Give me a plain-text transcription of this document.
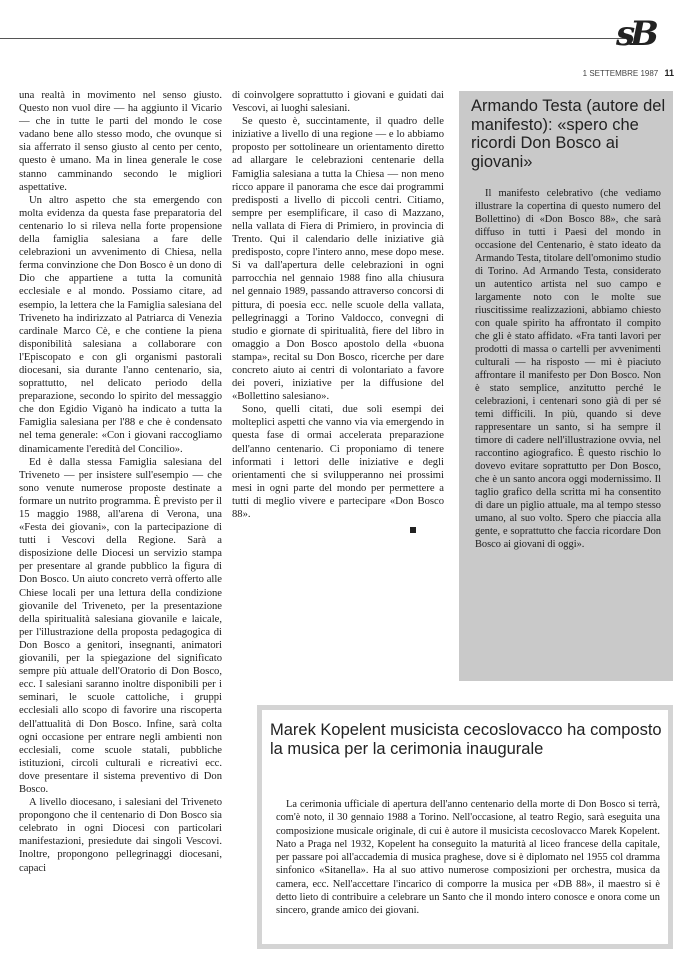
sB
1 SETTEMBRE 1987 11

una realtà in movimento nel senso giusto. Questo non vuol dire — ha aggiunto il Vicario — che in tutte le parti del mondo le cose vadano bene allo stesso modo, che ovunque si sia afferrato il senso giusto al cento per cento, questo è umano. Ma in linea generale le cose stanno camminando secondo le migliori aspettative.

Un altro aspetto che sta emergendo con molta evidenza da questa fase preparatoria del centenario lo si rileva nella forte propensione della famiglia salesiana a fare delle celebrazioni un avvenimento di Chiesa, nella ferma convinzione che Don Bosco è un dono di Dio che appartiene a tutta la comunità ecclesiale e al mondo. Possiamo citare, ad esempio, la lettera che la Famiglia salesiana del Triveneto ha indirizzato al Patriarca di Venezia cardinale Marco Cè, e che contiene la piena disponibilità salesiana a collaborare con l'Episcopato e con gli organismi pastorali diocesani, sia durante l'anno centenario, sia, soprattutto, nel delicato periodo della preparazione, secondo lo spirito del messaggio che don Egidio Viganò ha indicato a tutta la Famiglia salesiana per l'88 e che è condensato nel tema generale: «Con i giovani raccogliamo dinamicamente l'eredità del Concilio».

Ed è dalla stessa Famiglia salesiana del Triveneto — per insistere sull'esempio — che sono venute numerose proposte destinate a formare un nutrito programma. È previsto per il 15 maggio 1988, all'arena di Verona, una «Festa dei giovani», con la partecipazione di tutti i Vescovi della Regione. Sarà a disposizione delle Diocesi un servizio stampa per presentare al grande pubblico la figura di Don Bosco. Un aiuto concreto verrà offerto alle Chiese locali per una lettura della condizione giovanile del Triveneto, per la presentazione della spiritualità salesiana giovanile e laicale, per l'illustrazione della proposta pedagogica di Don Bosco a genitori, insegnanti, animatori giovanili, per la spiegazione del significato sempre più attuale dell'Oratorio di Don Bosco, ecc. I salesiani saranno inoltre disponibili per i seminari, le scuole cattoliche, i gruppi ecclesiali allo scopo di favorire una riscoperta dell'attualità di Don Bosco. Infine, sarà colta ogni occasione per entrare negli ambienti non ecclesiali, come scuole statali, pubbliche istituzioni, circoli culturali e ricreativi ecc. dove presentare il sistema preventivo di Don Bosco.

A livello diocesano, i salesiani del Triveneto propongono che il centenario di Don Bosco sia celebrato in ogni Diocesi con particolari manifestazioni, presiedute dai singoli Vescovi. Inoltre, propongono pellegrinaggi diocesani, capaci

di coinvolgere soprattutto i giovani e guidati dai Vescovi, ai luoghi salesiani.

Se questo è, succintamente, il quadro delle iniziative a livello di una regione — e lo abbiamo proposto per sottolineare un orientamento diretto ad allargare le celebrazioni centenarie della Famiglia salesiana a tutta la Chiesa — non meno ricco appare il panorama che esce dai programmi predisposti a livello di piccoli centri. Citiamo, sempre per esemplificare, il caso di Mazzano, nella vallata di Fiera di Primiero, in provincia di Trento. Qui il calendario delle iniziative già predisposto, copre l'intero anno, mese dopo mese. Si va dall'apertura delle celebrazioni in ogni parrocchia nel gennaio 1988 fino alla chiusura nel gennaio 1989, passando attraverso concorsi di pittura, di poesia ecc. nelle scuole della vallata, pellegrinaggi a Torino Valdocco, convegni di studio e giornate di spiritualità, fiere del libro in omaggio a Don Bosco apostolo della «buona stampa», recital su Don Bosco, ricerche per dare concreto aiuto ai centri di volontariato a favore dei poveri, iniziative per la diffusione del «Bollettino salesiano».

Sono, quelli citati, due soli esempi dei molteplici aspetti che vanno via via emergendo in questa fase di ormai accelerata preparazione dell'anno centenario. Ci proponiamo di tenere informati i lettori delle iniziative e degli orientamenti che si svilupperanno nei prossimi mesi in ogni parte del mondo per permettere a tutti di meglio vivere e partecipare «Don Bosco 88».

Armando Testa (autore del manifesto): «spero che ricordi Don Bosco ai giovani»
Il manifesto celebrativo (che vediamo illustrare la copertina di questo numero del Bollettino) di «Don Bosco 88», che sarà diffuso in tutti i Paesi del mondo in occasione del Centenario, è stato ideato da Armando Testa, titolare dell'omonimo studio di Torino. Ad Armando Testa, considerato un autentico artista nel suo campo e largamente noto con le molte sue riuscitissime realizzazioni, abbiamo chiesto con quale spirito ha affrontato il compito che gli è stato affidato. «Fra tanti lavori per prodotti di massa o cartelli per avvenimenti culturali — ha risposto — mi è piaciuto affrontare il manifesto per Don Bosco. Non è stato semplice, anzitutto perché le celebrazioni, i centenari sono già di per sé temi difficili. In più, quando si deve rappresentare un santo, si ha sempre il timore di cadere nell'illustrazione ovvia, nel raccontino agiografico. È questo rischio lo dovevo evitare soprattutto per Don Bosco, che è un santo ancora oggi modernissimo. Il taglio grafico della scritta mi ha consentito di dare un piglio attuale, ma al tempo stesso umano, al suo volto. Spero che piaccia alla gente, e soprattutto che faccia ricordare Don Bosco ai giovani di oggi».
Marek Kopelent musicista cecoslovacco ha composto la musica per la cerimonia inaugurale
La cerimonia ufficiale di apertura dell'anno centenario della morte di Don Bosco si terrà, com'è noto, il 30 gennaio 1988 a Torino. Nell'occasione, al teatro Regio, sarà eseguita una composizione musicale originale, di cui è autore il musicista cecoslovacco Marek Kopelent. Nato a Praga nel 1932, Kopelent ha conseguito la maturità al liceo francese della capitale, per passare poi all'accademia di musica praghese, dove si è diplomato nel 1955 col dramma sinfonico «Sitanella». Ha al suo attivo numerose composizioni per orchestra, musica da camera, ecc. Nell'accettare l'incarico di comporre la musica per «DB 88», il maestro si è detto lieto di contribuire a celebrare un Santo che il mondo intero conosce e onora come un sincero, grande amico dei giovani.
